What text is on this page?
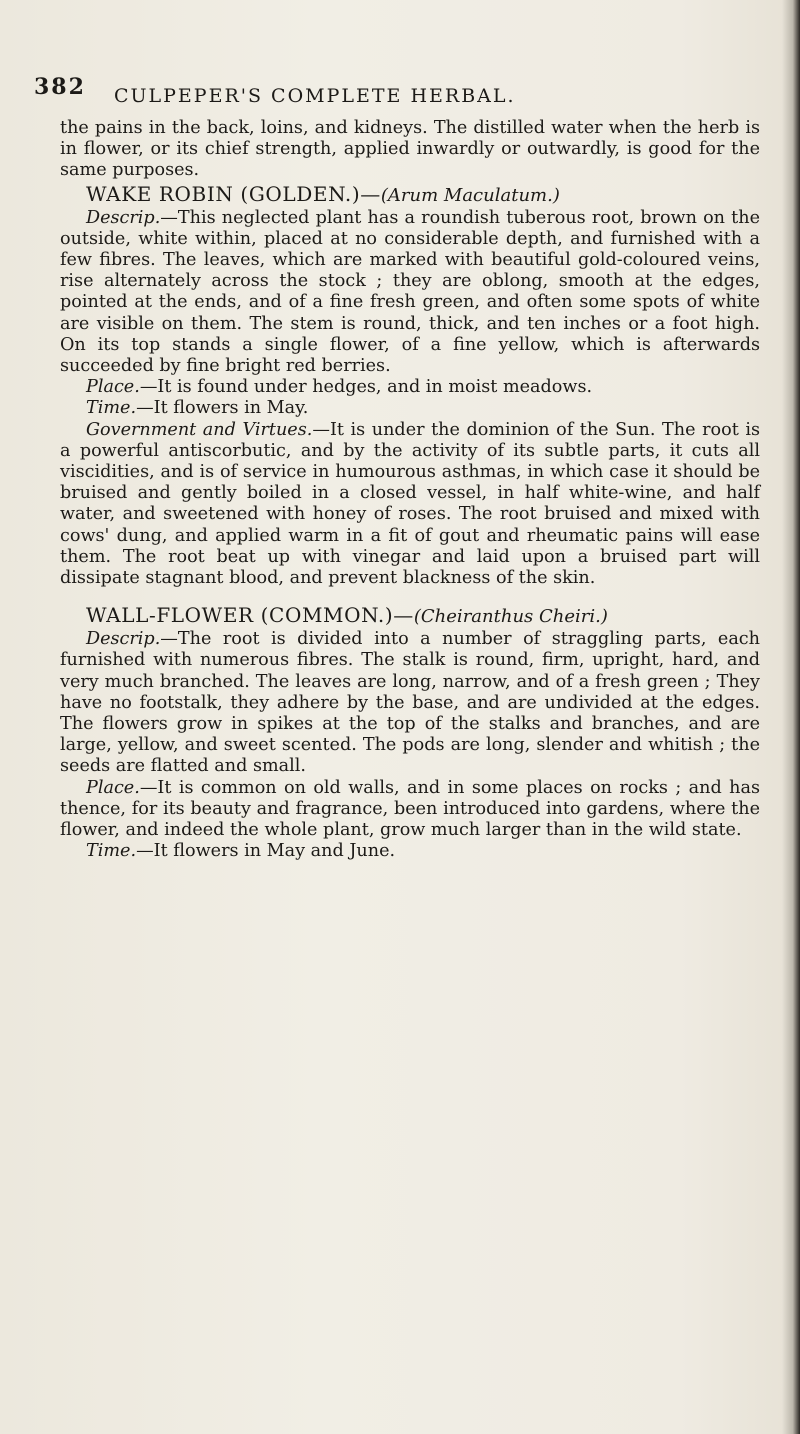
382 CULPEPER'S COMPLETE HERBAL.

the pains in the back, loins, and kidneys. The distilled water when the herb is in flower, or its chief strength, applied inwardly or outwardly, is good for the same purposes.

WAKE ROBIN (GOLDEN.)—(Arum Maculatum.)

Descrip.—This neglected plant has a roundish tuberous root, brown on the outside, white within, placed at no considerable depth, and furnished with a few fibres. The leaves, which are marked with beautiful gold-coloured veins, rise alternately across the stock ; they are oblong, smooth at the edges, pointed at the ends, and of a fine fresh green, and often some spots of white are visible on them. The stem is round, thick, and ten inches or a foot high. On its top stands a single flower, of a fine yellow, which is afterwards succeeded by fine bright red berries.

Place.—It is found under hedges, and in moist meadows.

Time.—It flowers in May.

Government and Virtues.—It is under the dominion of the Sun. The root is a powerful antiscorbutic, and by the activity of its subtle parts, it cuts all viscidities, and is of service in humourous asthmas, in which case it should be bruised and gently boiled in a closed vessel, in half white-wine, and half water, and sweetened with honey of roses. The root bruised and mixed with cows' dung, and applied warm in a fit of gout and rheumatic pains will ease them. The root beat up with vinegar and laid upon a bruised part will dissipate stagnant blood, and prevent blackness of the skin.

WALL-FLOWER (COMMON.)—(Cheiranthus Cheiri.)

Descrip.—The root is divided into a number of straggling parts, each furnished with numerous fibres. The stalk is round, firm, upright, hard, and very much branched. The leaves are long, narrow, and of a fresh green ; They have no footstalk, they adhere by the base, and are undivided at the edges. The flowers grow in spikes at the top of the stalks and branches, and are large, yellow, and sweet scented. The pods are long, slender and whitish ; the seeds are flatted and small.

Place.—It is common on old walls, and in some places on rocks ; and has thence, for its beauty and fragrance, been introduced into gardens, where the flower, and indeed the whole plant, grow much larger than in the wild state.

Time.—It flowers in May and June.
